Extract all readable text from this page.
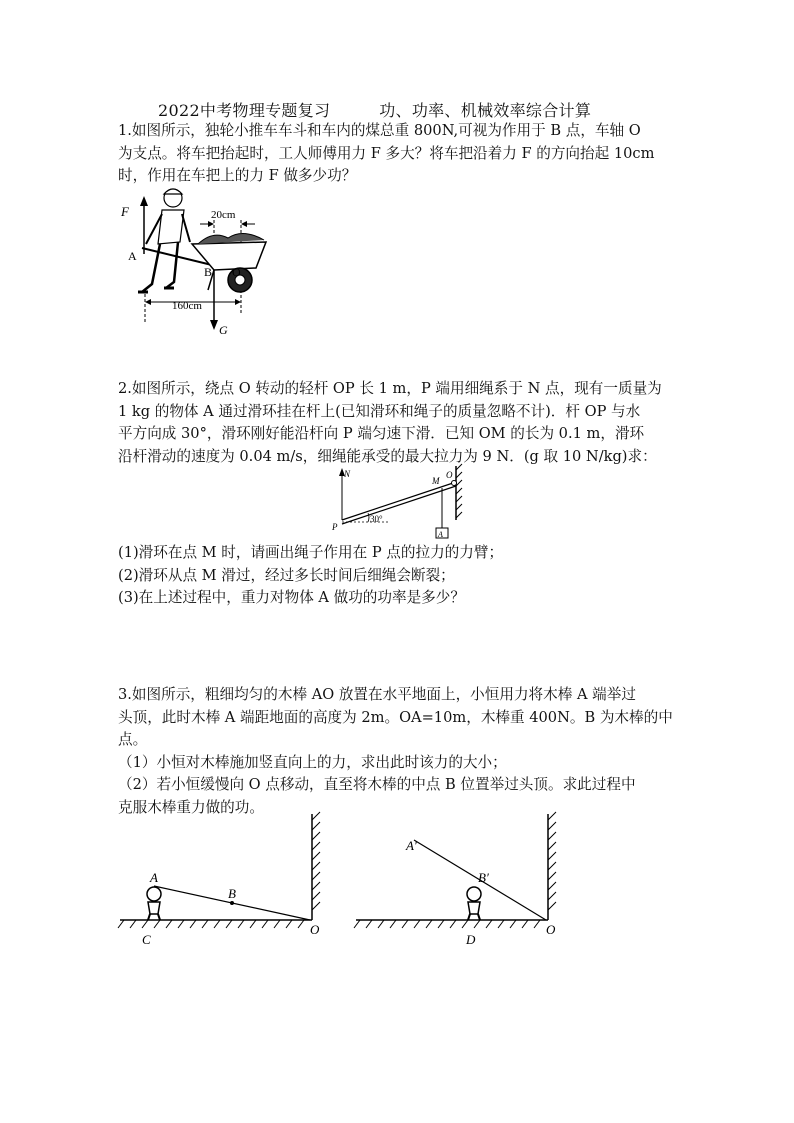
2022中考物理专题复习　　　功、功率、机械效率综合计算
1.如图所示，独轮小推车车斗和车内的煤总重 800N,可视为作用于 B 点，车轴 O
为支点。将车把抬起时，工人师傅用力 F 多大？将车把沿着力 F 的方向抬起 10cm
时，作用在车把上的力 F 做多少功？
F
A
B O
G
20cm
160cm
2.如图所示，绕点 O 转动的轻杆 OP 长 1 m，P 端用细绳系于 N 点，现有一质量为
1 kg 的物体 A 通过滑环挂在杆上(已知滑环和绳子的质量忽略不计)．杆 OP 与水
平方向成 30°，滑环刚好能沿杆向 P 端匀速下滑．已知 OM 的长为 0.1 m，滑环
沿杆滑动的速度为 0.04 m/s，细绳能承受的最大拉力为 9 N．(g 取 10 N/kg)求：
N
M
O
P
A
30°
(1)滑环在点 M 时，请画出绳子作用在 P 点的拉力的力臂；
(2)滑环从点 M 滑过，经过多长时间后细绳会断裂；
(3)在上述过程中，重力对物体 A 做功的功率是多少？
3.如图所示，粗细均匀的木棒 AO 放置在水平地面上，小恒用力将木棒 A 端举过
头顶，此时木棒 A 端距地面的高度为 2m。OA=10m，木棒重 400N。B 为木棒的中
点。
（1）小恒对木棒施加竖直向上的力，求出此时该力的大小；
（2）若小恒缓慢向 O 点移动，直至将木棒的中点 B 位置举过头顶。求此过程中
克服木棒重力做的功。
A
B
C
O
A′
B′
D
O
